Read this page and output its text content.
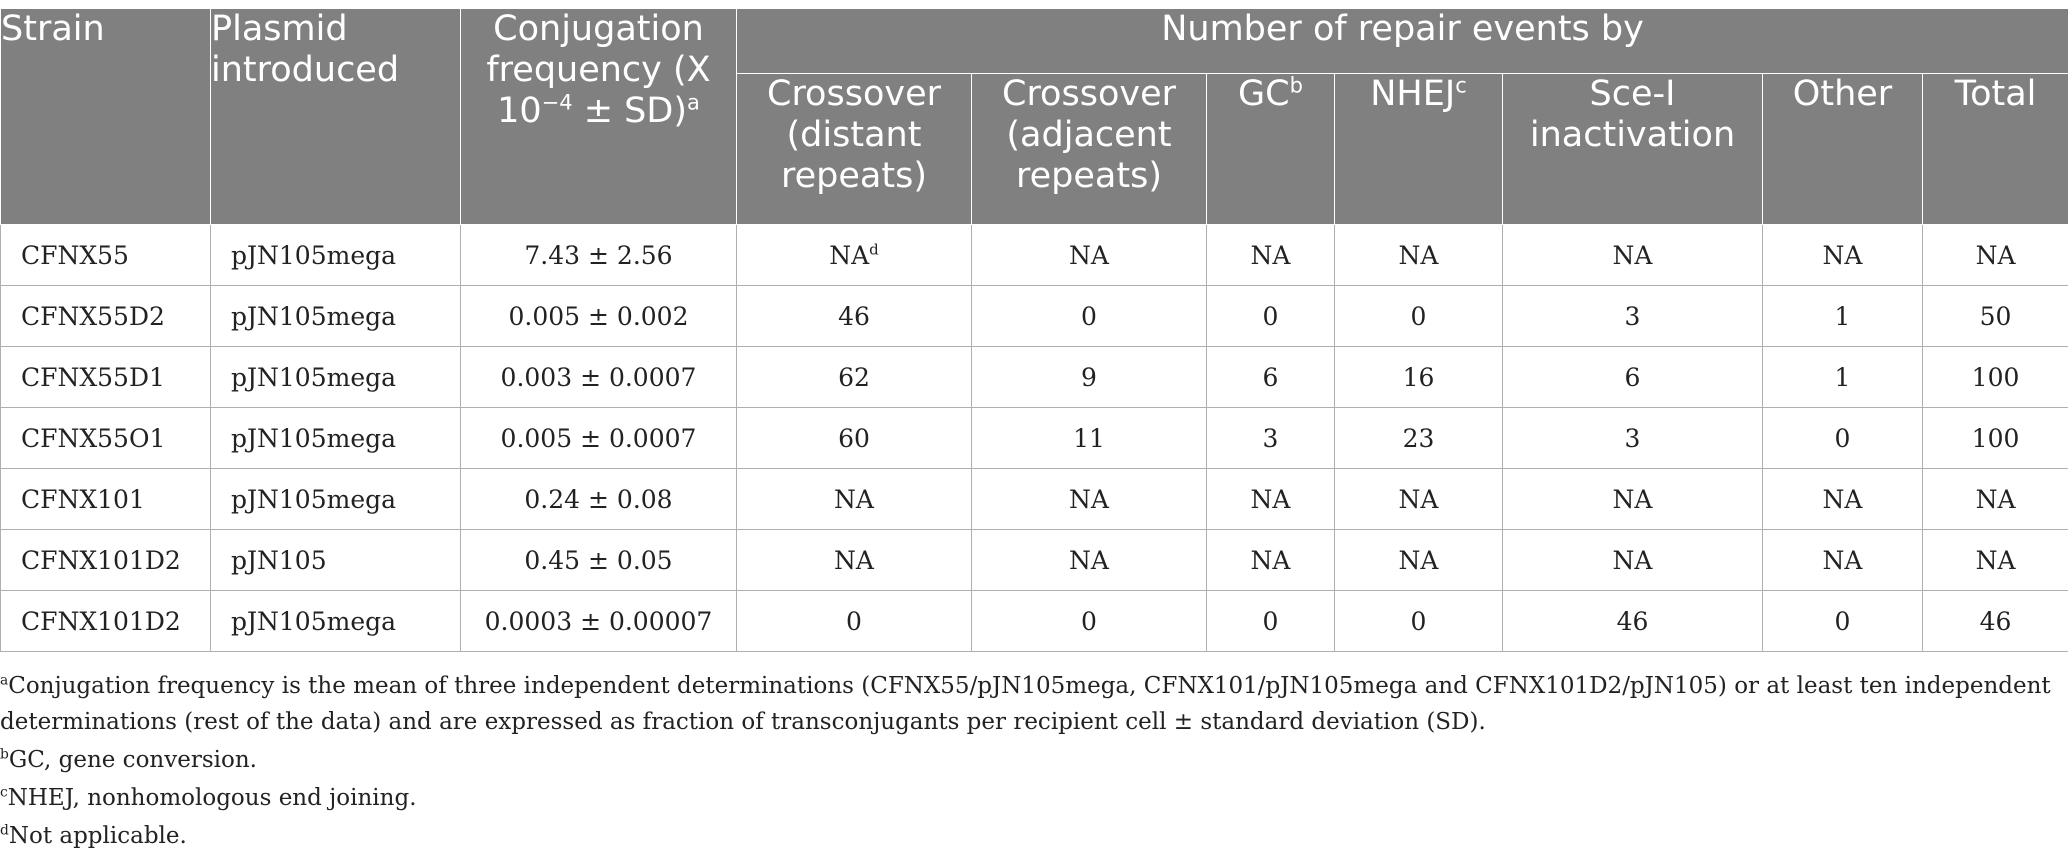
Strain	Plasmid introduced	Conjugation frequency (X $10^{-4} \pm SD)^a$	Number of repair events by						
			Crossover (distant repeats)	Crossover (adjacent repeats)	$GC^b$	NHEJ$^c$	Sce-I inactivation	Other	Total
CFNX55	pJN105mega	7.43 ± 2.56	$NA^d$	NA	NA	NA	NA	NA	NA
CFNX55D2	pJN105mega	0.005 ± 0.002	46	0	0	0	3	1	50
CFNX55D1	pJN105mega	0.003 ± 0.0007	62	9	6	16	6	1	100
CFNX55O1	pJN105mega	0.005 ± 0.0007	60	11	3	23	3	0	100
CFNX101	pJN105mega	0.24 ± 0.08	NA	NA	NA	NA	NA	NA	NA
CFNX101D2	pJN105	0.45 ± 0.05	NA	NA	NA	NA	NA	NA	NA
CFNX101D2	pJN105mega	0.0003 ± 0.00007	0	0	0	0	46	0	46

$^a$Conjugation frequency is the mean of three independent determinations (CFNX55/pJN105mega, CFNX101/pJN105mega and CFNX101D2/pJN105) or at least ten independent determinations (rest of the data) and are expressed as fraction of transconjugants per recipient cell ± standard deviation (SD).

$^b$GC, gene conversion.

$^c$NHEJ, nonhomologous end joining.

$^d$Not applicable.
